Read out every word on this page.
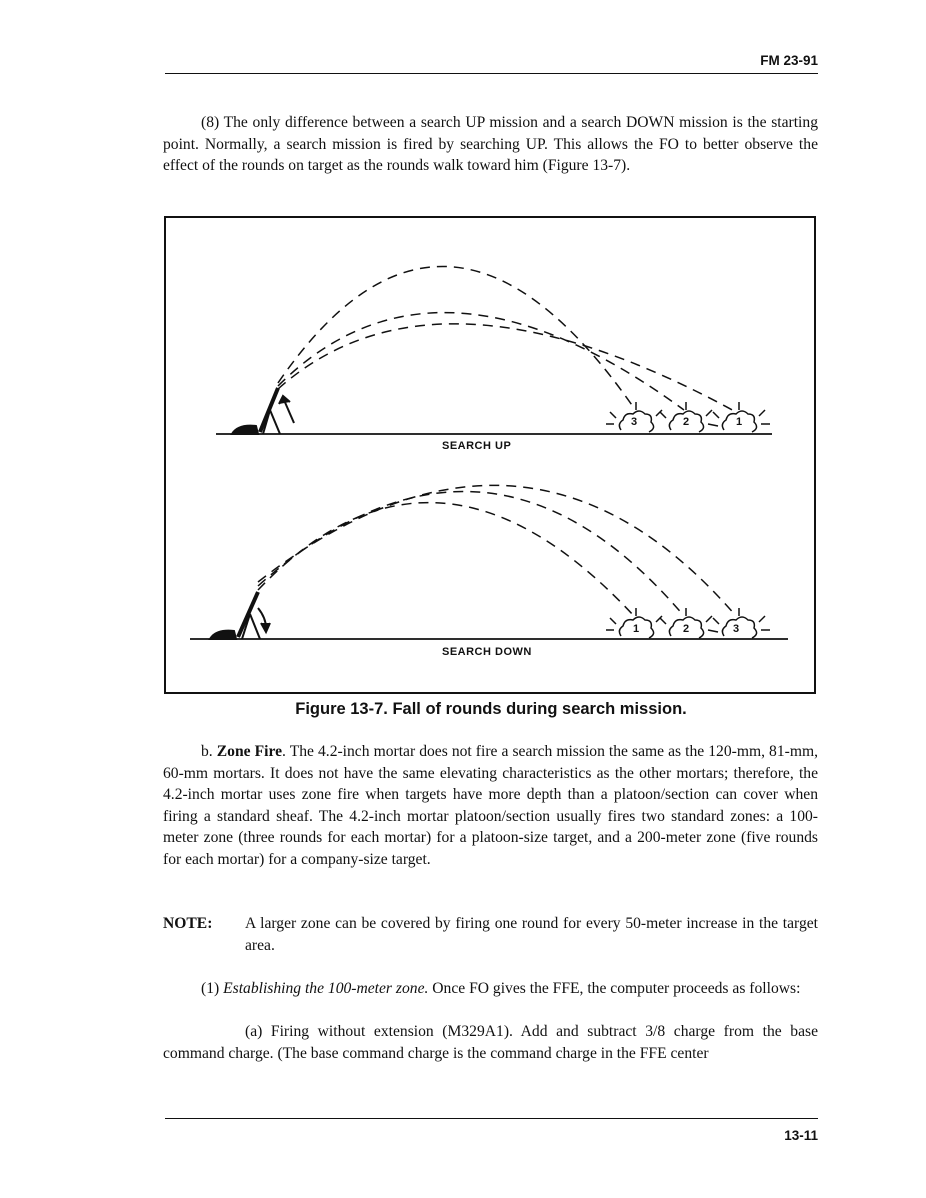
FM 23-91

(8) The only difference between a search UP mission and a search DOWN mission is the starting point. Normally, a search mission is fired by searching UP. This allows the FO to better observe the effect of the rounds on target as the rounds walk toward him (Figure 13-7).

3	2	1
1	2	3
SEARCH UP
SEARCH DOWN
Figure 13-7. Fall of rounds during search mission.

b. Zone Fire. The 4.2-inch mortar does not fire a search mission the same as the 120-mm, 81-mm, 60-mm mortars. It does not have the same elevating characteristics as the other mortars; therefore, the 4.2-inch mortar uses zone fire when targets have more depth than a platoon/section can cover when firing a standard sheaf. The 4.2-inch mortar platoon/section usually fires two standard zones: a 100-meter zone (three rounds for each mortar) for a platoon-size target, and a 200-meter zone (five rounds for each mortar) for a company-size target.

NOTE: A larger zone can be covered by firing one round for every 50-meter increase in the target area.

(1) Establishing the 100-meter zone. Once FO gives the FFE, the computer proceeds as follows:

(a) Firing without extension (M329A1). Add and subtract 3/8 charge from the base command charge. (The base command charge is the command charge in the FFE center

13-11
